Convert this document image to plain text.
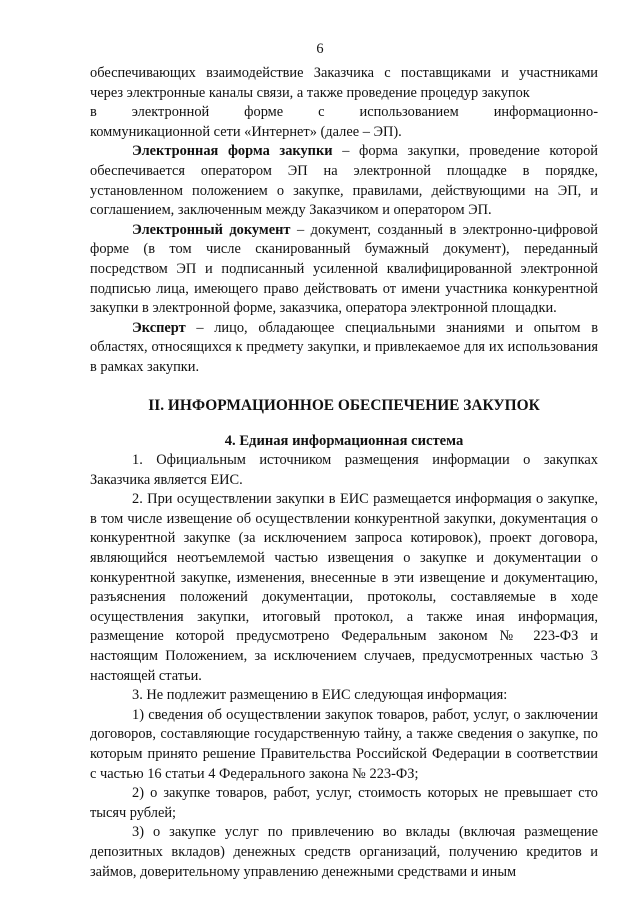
6

обеспечивающих взаимодействие Заказчика с поставщиками и участниками

через электронные каналы связи, а также проведение процедур закупок

в электронной форме с использованием информационно-

коммуникационной сети «Интернет» (далее – ЭП).

Электронная форма закупки – форма закупки, проведение которой обеспечивается оператором ЭП на электронной площадке в порядке, установленном положением о закупке, правилами, действующими на ЭП, и соглашением, заключенным между Заказчиком и оператором ЭП.

Электронный документ – документ, созданный в электронно-цифровой форме (в том числе сканированный бумажный документ), переданный посредством ЭП и подписанный усиленной квалифицированной электронной подписью лица, имеющего право действовать от имени участника конкурентной закупки в электронной форме, заказчика, оператора электронной площадки.

Эксперт – лицо, обладающее специальными знаниями и опытом в областях, относящихся к предмету закупки, и привлекаемое для их использования в рамках закупки.

II. ИНФОРМАЦИОННОЕ ОБЕСПЕЧЕНИЕ ЗАКУПОК
4. Единая информационная система

1. Официальным источником размещения информации о закупках Заказчика является ЕИС.

2. При осуществлении закупки в ЕИС размещается информация о закупке, в том числе извещение об осуществлении конкурентной закупки, документация о конкурентной закупке (за исключением запроса котировок), проект договора, являющийся неотъемлемой частью извещения о закупке и документации о конкурентной закупке, изменения, внесенные в эти извещение и документацию, разъяснения положений документации, протоколы, составляемые в ходе осуществления закупки, итоговый протокол, а также иная информация, размещение которой предусмотрено Федеральным законом № 223-ФЗ и настоящим Положением, за исключением случаев, предусмотренных частью 3 настоящей статьи.

3. Не подлежит размещению в ЕИС следующая информация:

1) сведения об осуществлении закупок товаров, работ, услуг, о заключении договоров, составляющие государственную тайну, а также сведения о закупке, по которым принято решение Правительства Российской Федерации в соответствии с частью 16 статьи 4 Федерального закона № 223-ФЗ;

2) о закупке товаров, работ, услуг, стоимость которых не превышает сто тысяч рублей;

3) о закупке услуг по привлечению во вклады (включая размещение депозитных вкладов) денежных средств организаций, получению кредитов и займов, доверительному управлению денежными средствами и иным
